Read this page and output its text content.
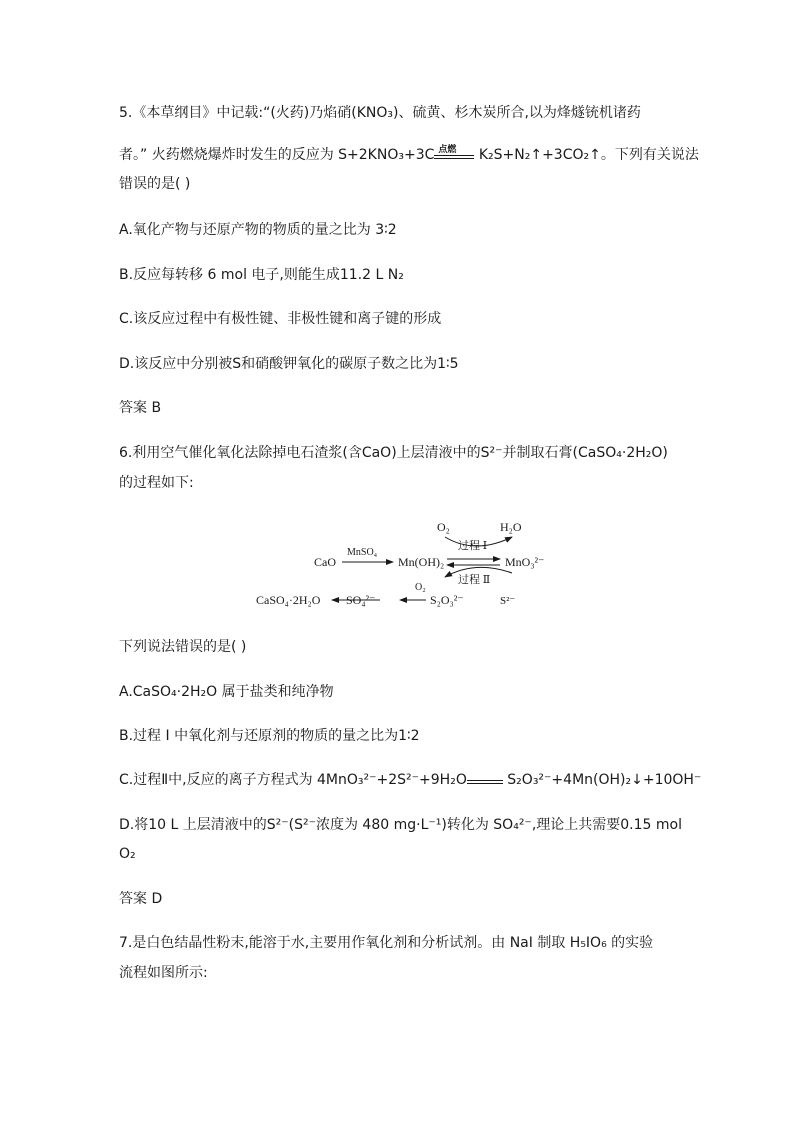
5.《本草纲目》中记载:“(火药)乃焰硝(KNO₃)、硫黄、杉木炭所合,以为烽燧铳机诸药
者。” 火药燃烧爆炸时发生的反应为 S+2KNO₃+3C 点燃 K₂S+N₂↑+3CO₂↑。下列有关说法
错误的是( )
A.氧化产物与还原产物的物质的量之比为 3∶2
B.反应每转移 6 mol 电子,则能生成11.2 L N₂
C.该反应过程中有极性键、非极性键和离子键的形成
D.该反应中分别被S和硝酸钾氧化的碳原子数之比为1∶5
答案 B
6.利用空气催化氧化法除掉电石渣浆(含CaO)上层清液中的S²⁻并制取石膏(CaSO₄·2H₂O)
的过程如下:
O₂	H₂O
过程 Ⅰ
CaO
MnSO₄
Mn(OH)₂	MnO₃²⁻
过程 Ⅱ
CaSO₄·2H₂O SO₄²⁻
O₂
S₂O₃²⁻	S²⁻
下列说法错误的是( )
A.CaSO₄·2H₂O 属于盐类和纯净物
B.过程 Ⅰ 中氧化剂与还原剂的物质的量之比为1∶2
C.过程Ⅱ中,反应的离子方程式为 4MnO₃²⁻+2S²⁻+9H₂O	S₂O₃²⁻+4Mn(OH)₂↓+10OH⁻
D.将10 L 上层清液中的S²⁻(S²⁻浓度为 480 mg·L⁻¹)转化为 SO₄²⁻,理论上共需要0.15 mol
O₂
答案 D
7.是白色结晶性粉末,能溶于水,主要用作氧化剂和分析试剂。由 NaI 制取 H₅IO₆ 的实验
流程如图所示:
